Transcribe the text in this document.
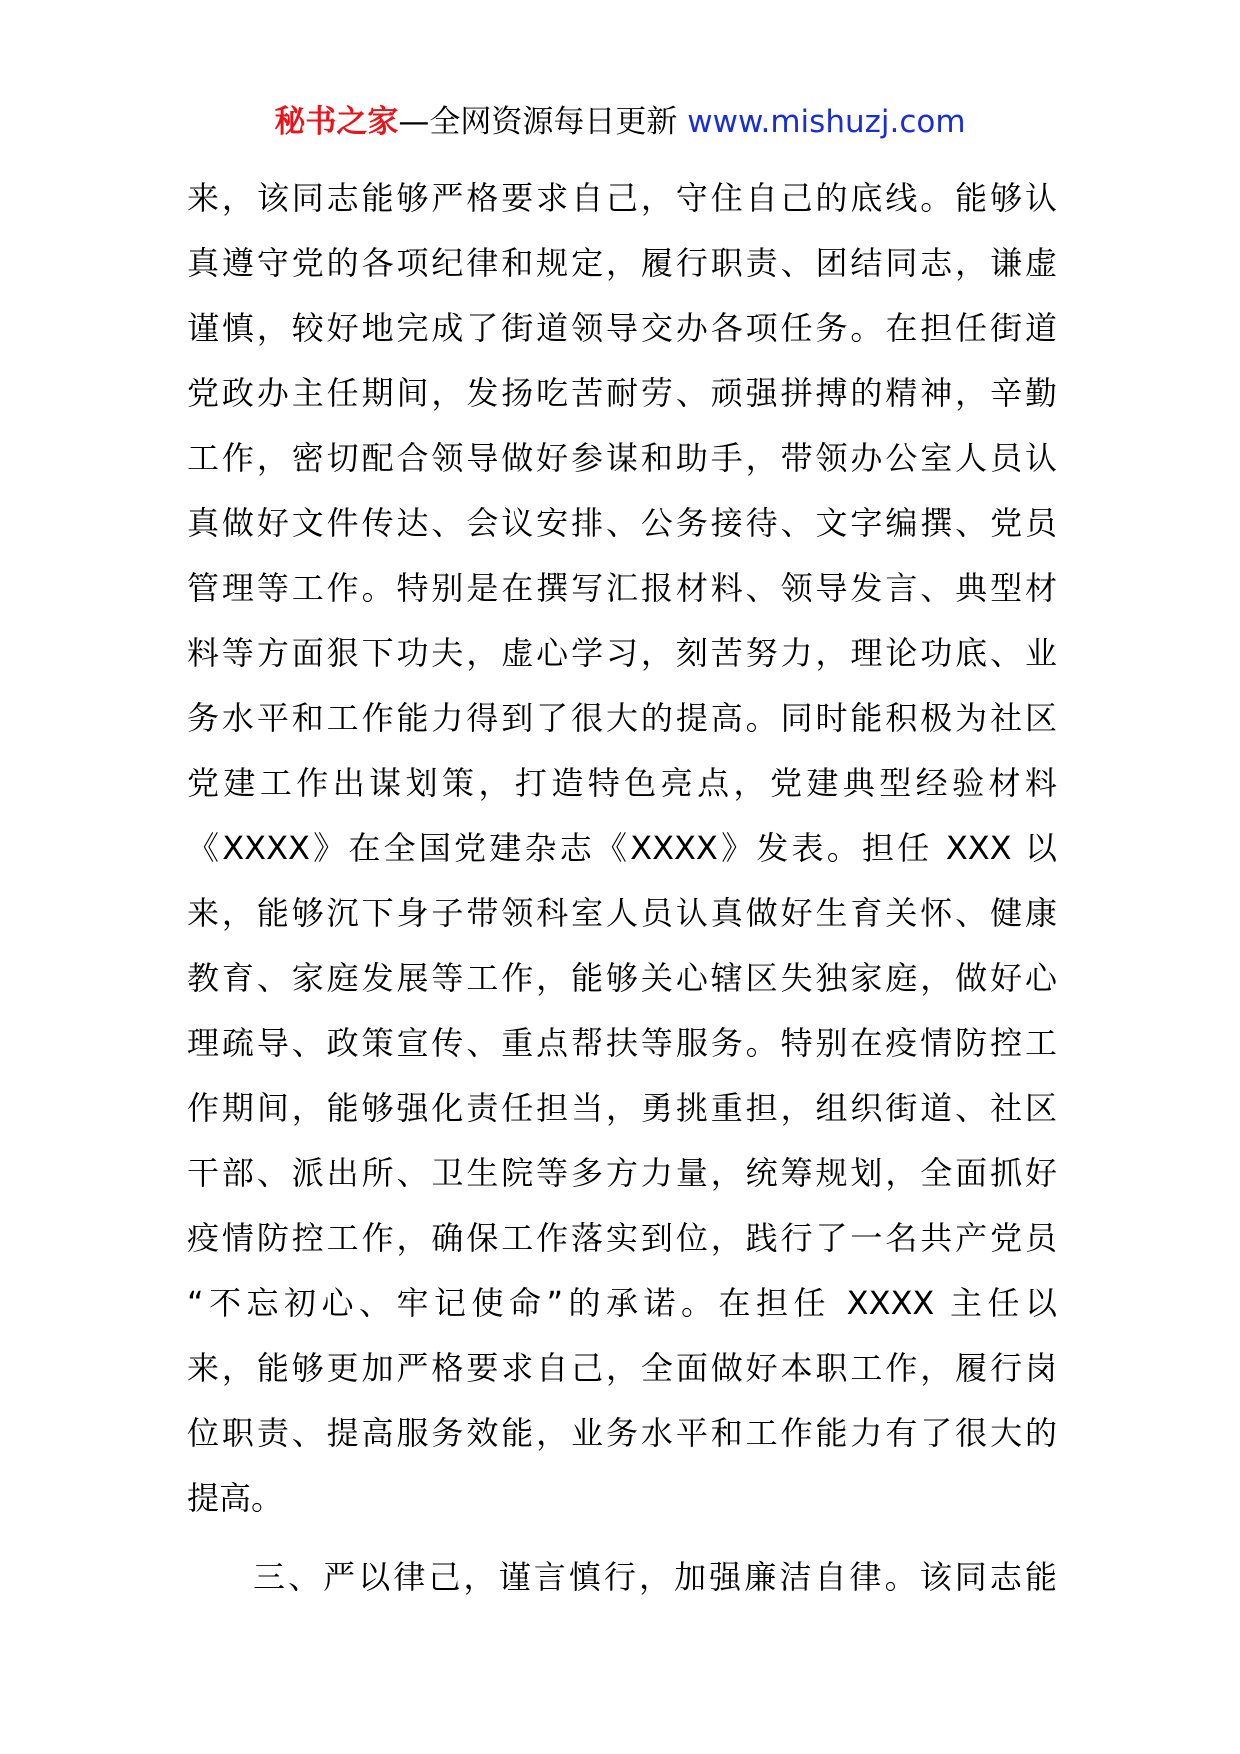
秘书之家—全网资源每日更新 www.mishuzj.com
来，该同志能够严格要求自己，守住自己的底线。能够认
真遵守党的各项纪律和规定，履行职责、团结同志，谦虚
谨慎，较好地完成了街道领导交办各项任务。在担任街道
党政办主任期间，发扬吃苦耐劳、顽强拼搏的精神，辛勤
工作，密切配合领导做好参谋和助手，带领办公室人员认
真做好文件传达、会议安排、公务接待、文字编撰、党员
管理等工作。特别是在撰写汇报材料、领导发言、典型材
料等方面狠下功夫，虚心学习，刻苦努力，理论功底、业
务水平和工作能力得到了很大的提高。同时能积极为社区
党建工作出谋划策，打造特色亮点，党建典型经验材料
《XXXX》在全国党建杂志《XXXX》发表。担任 XXX 以
来，能够沉下身子带领科室人员认真做好生育关怀、健康
教育、家庭发展等工作，能够关心辖区失独家庭，做好心
理疏导、政策宣传、重点帮扶等服务。特别在疫情防控工
作期间，能够强化责任担当，勇挑重担，组织街道、社区
干部、派出所、卫生院等多方力量，统筹规划，全面抓好
疫情防控工作，确保工作落实到位，践行了一名共产党员
“不忘初心、牢记使命”的承诺。在担任 XXXX 主任以
来，能够更加严格要求自己，全面做好本职工作，履行岗
位职责、提高服务效能，业务水平和工作能力有了很大的
提高。
三、严以律己，谨言慎行，加强廉洁自律。该同志能
